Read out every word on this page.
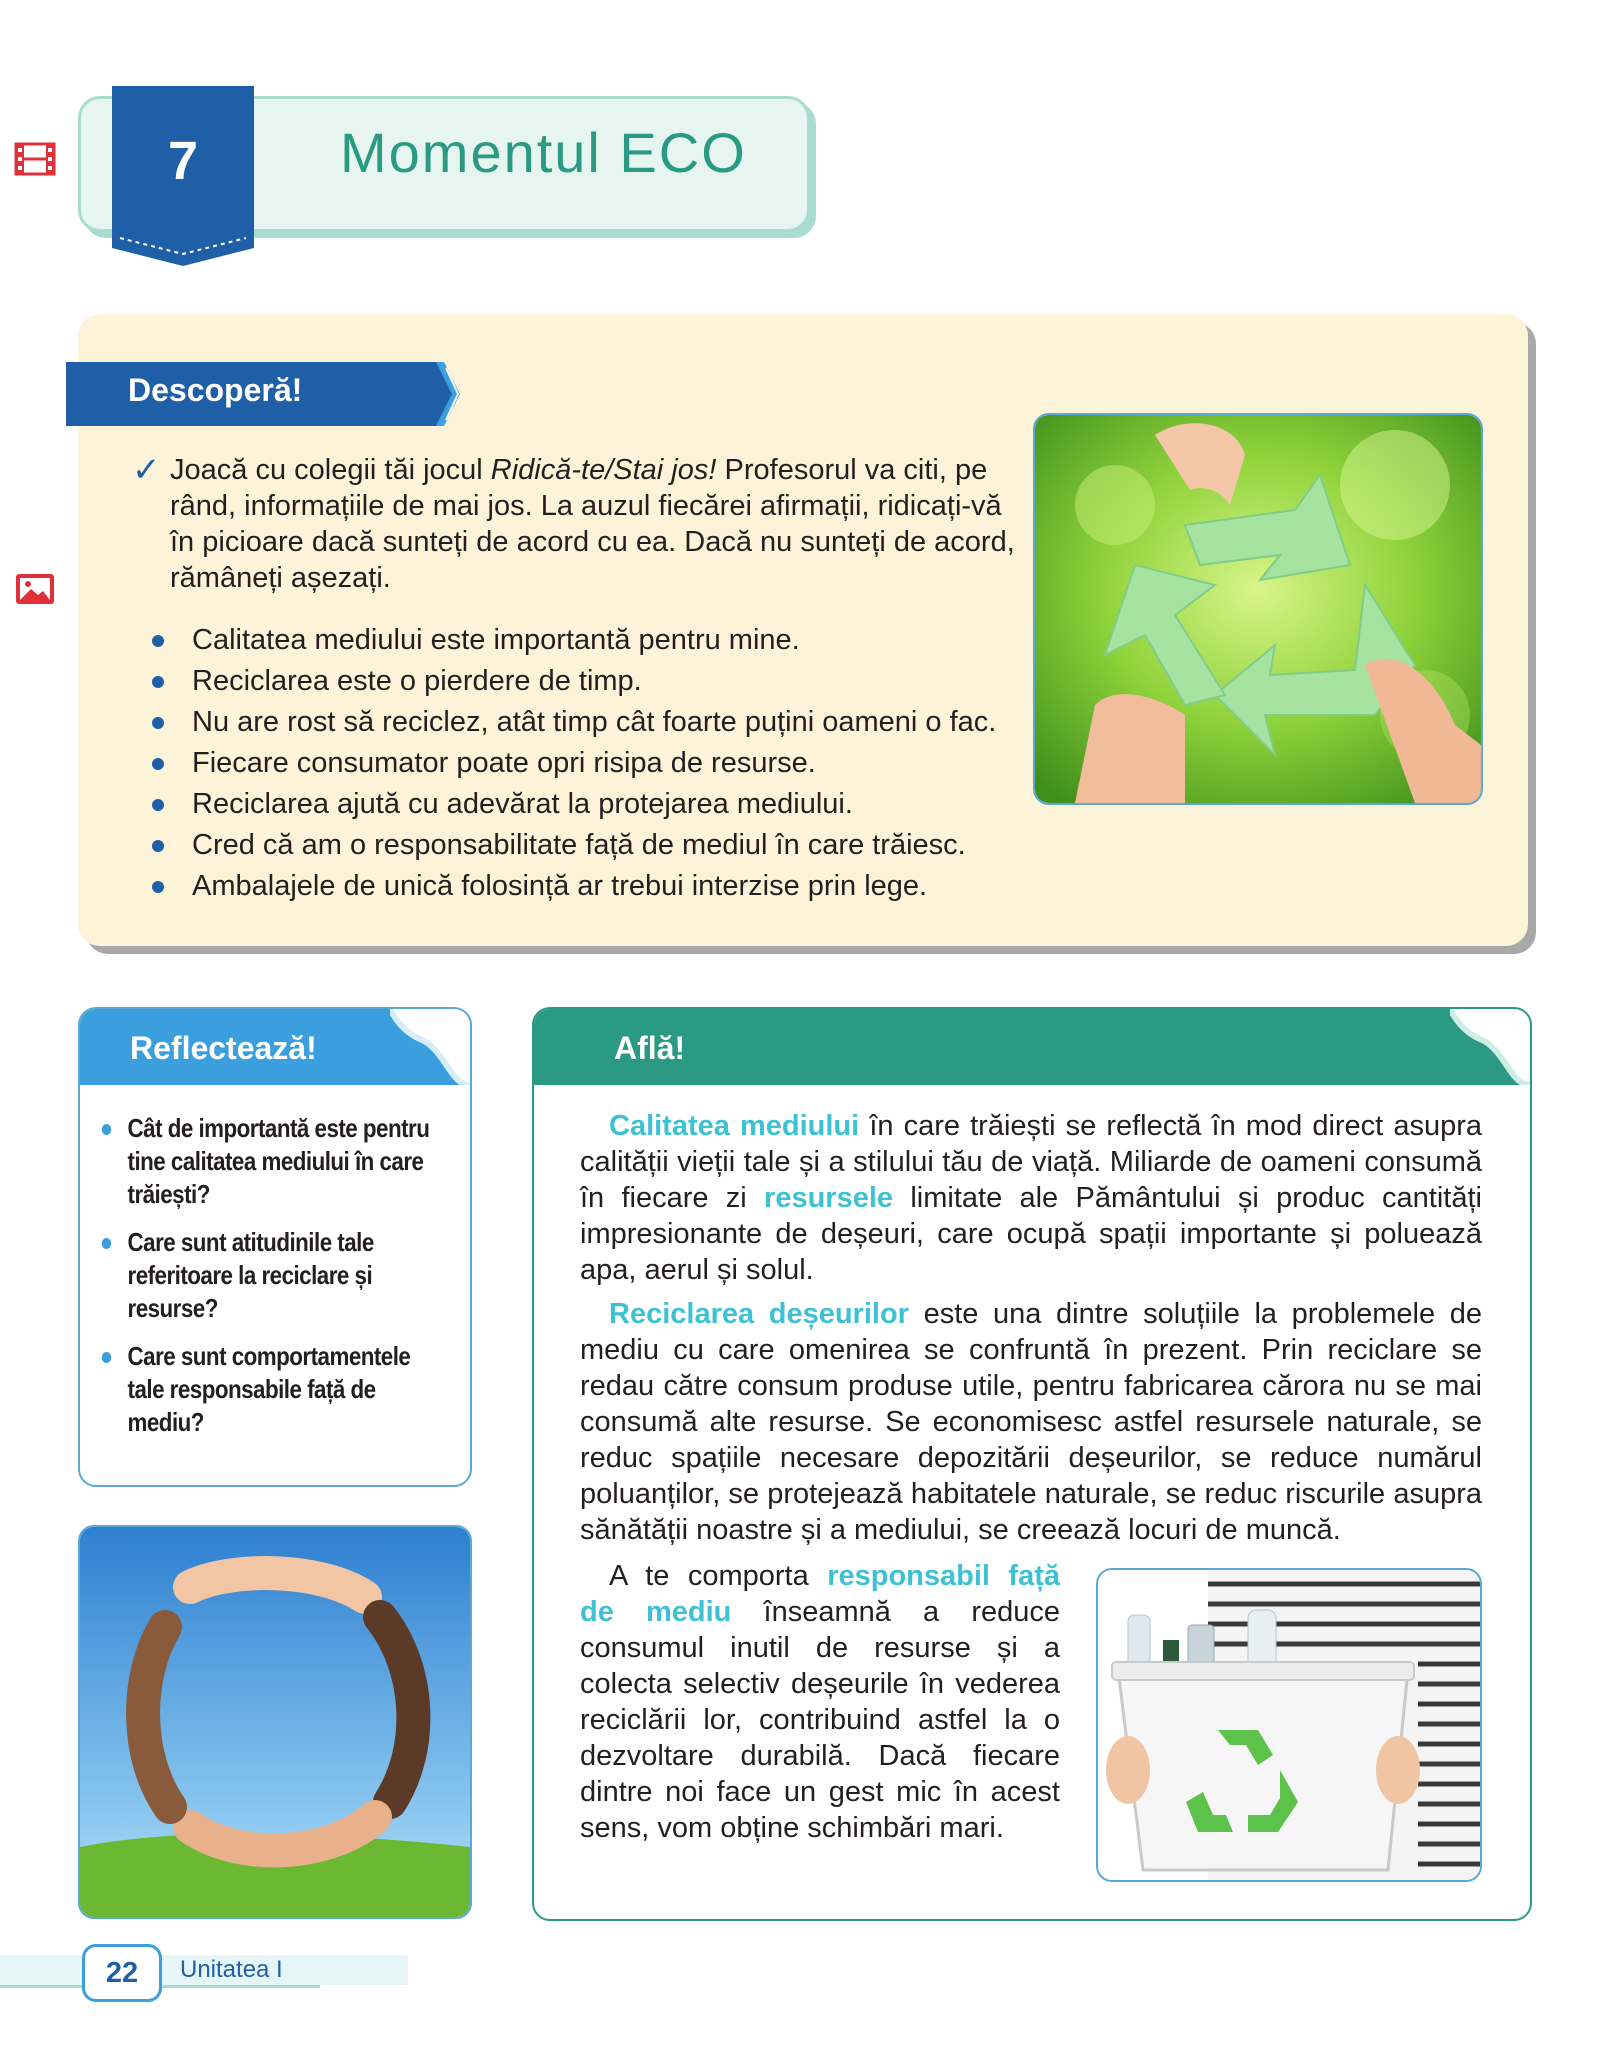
7	Momentul ECO
Descoperă!
✓ Joacă cu colegii tăi jocul Ridică-te/Stai jos! Profesorul va citi, pe rând, informațiile de mai jos. La auzul fiecărei afirmații, ridicați-vă în picioare dacă sunteți de acord cu ea. Dacă nu sunteți de acord, rămâneți așezați.
Calitatea mediului este importantă pentru mine.
Reciclarea este o pierdere de timp.
Nu are rost să reciclez, atât timp cât foarte puțini oameni o fac.
Fiecare consumator poate opri risipa de resurse.
Reciclarea ajută cu adevărat la protejarea mediului.
Cred că am o responsabilitate față de mediul în care trăiesc.
Ambalajele de unică folosință ar trebui interzise prin lege.
Reflectează!
Cât de importantă este pentru tine calitatea mediului în care trăiești?
Care sunt atitudinile tale referitoare la reciclare și resurse?
Care sunt comportamentele tale responsabile față de mediu?
Află!
 Calitatea mediului în care trăiești se reflectă în mod direct asupra calității vieții tale și a stilului tău de viață. Miliarde de oameni consumă în fiecare zi resursele limitate ale Pământului și produc cantități impresionante de deșeuri, care ocupă spații importante și poluează apa, aerul și solul.
 Reciclarea deșeurilor este una dintre soluțiile la problemele de mediu cu care omenirea se confruntă în prezent. Prin reciclare se redau către consum produse utile, pentru fabricarea cărora nu se mai consumă alte resurse. Se economisesc astfel resursele naturale, se reduc spațiile necesare depozitării deșeurilor, se reduce numărul poluanților, se protejează habitatele naturale, se reduc riscurile asupra sănătății noastre și a mediului, se creează locuri de muncă.
 A te comporta responsabil față de mediu înseamnă a reduce consumul inutil de resurse și a colecta selectiv deșeurile în vederea reciclării lor, contribuind astfel la o dezvoltare durabilă. Dacă fiecare dintre noi face un gest mic în acest sens, vom obține schimbări mari.
22	Unitatea I
